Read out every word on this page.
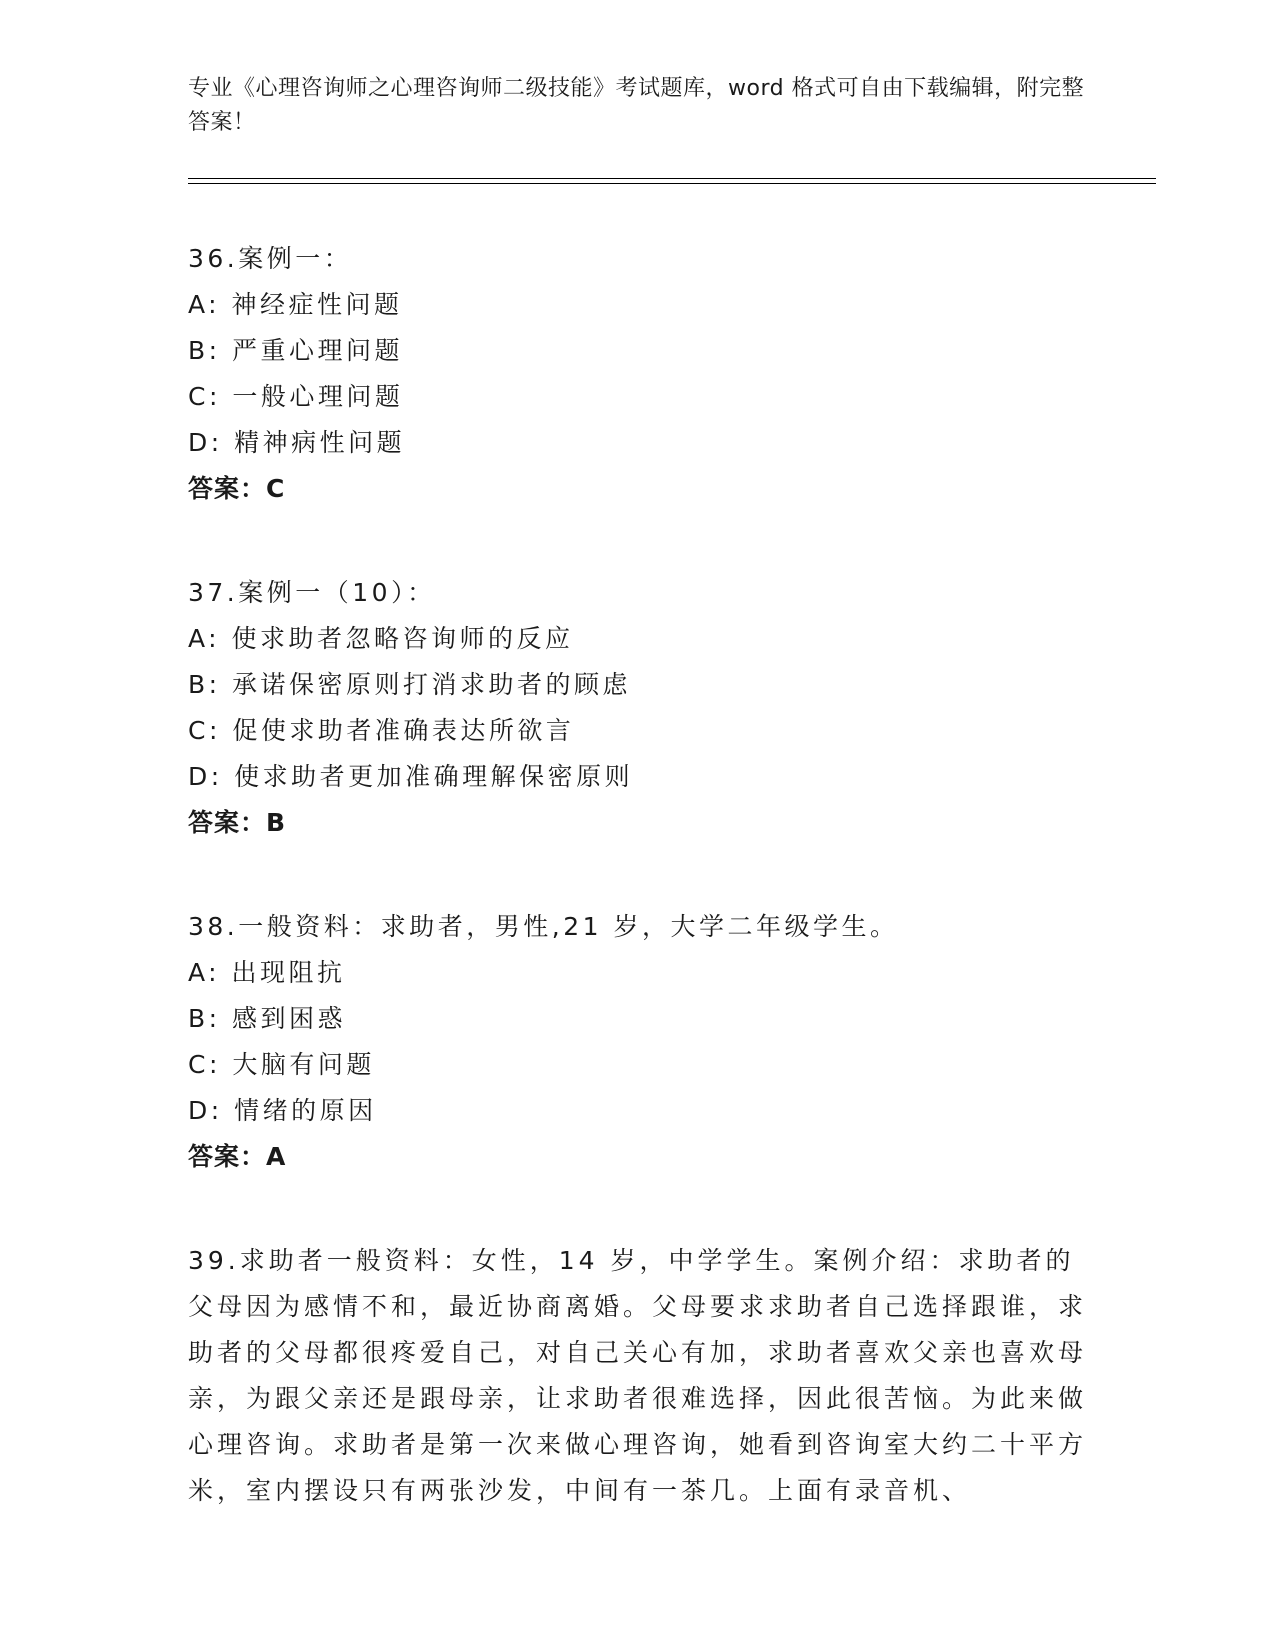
专业《心理咨询师之心理咨询师二级技能》考试题库，word 格式可自由下载编辑，附完整答案！

36.案例一：
A: 神经症性问题
B: 严重心理问题
C: 一般心理问题
D: 精神病性问题
答案：C
37.案例一（10）：
A: 使求助者忽略咨询师的反应
B: 承诺保密原则打消求助者的顾虑
C: 促使求助者准确表达所欲言
D: 使求助者更加准确理解保密原则
答案：B
38.一般资料：求助者，男性,21 岁，大学二年级学生。
A: 出现阻抗
B: 感到困惑
C: 大脑有问题
D: 情绪的原因
答案：A
39.求助者一般资料：女性，14 岁，中学学生。案例介绍：求助者的父母因为感情不和，最近协商离婚。父母要求求助者自己选择跟谁，求助者的父母都很疼爱自己，对自己关心有加，求助者喜欢父亲也喜欢母亲，为跟父亲还是跟母亲，让求助者很难选择，因此很苦恼。为此来做心理咨询。求助者是第一次来做心理咨询，她看到咨询室大约二十平方米，室内摆设只有两张沙发，中间有一茶几。上面有录音机、
